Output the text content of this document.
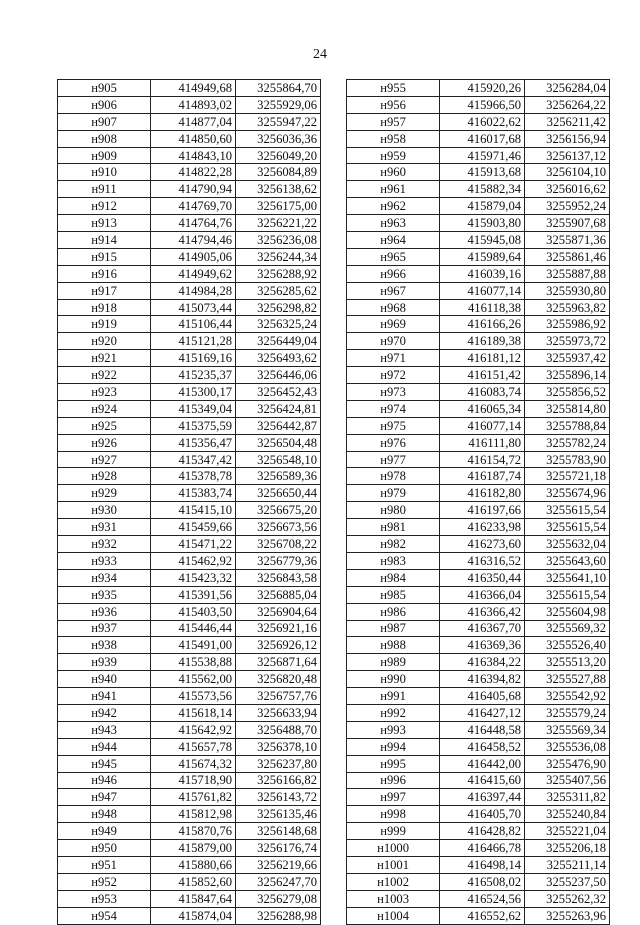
24
н905	414949,68	3255864,70
н906	414893,02	3255929,06
н907	414877,04	3255947,22
н908	414850,60	3256036,36
н909	414843,10	3256049,20
н910	414822,28	3256084,89
н911	414790,94	3256138,62
н912	414769,70	3256175,00
н913	414764,76	3256221,22
н914	414794,46	3256236,08
н915	414905,06	3256244,34
н916	414949,62	3256288,92
н917	414984,28	3256285,62
н918	415073,44	3256298,82
н919	415106,44	3256325,24
н920	415121,28	3256449,04
н921	415169,16	3256493,62
н922	415235,37	3256446,06
н923	415300,17	3256452,43
н924	415349,04	3256424,81
н925	415375,59	3256442,87
н926	415356,47	3256504,48
н927	415347,42	3256548,10
н928	415378,78	3256589,36
н929	415383,74	3256650,44
н930	415415,10	3256675,20
н931	415459,66	3256673,56
н932	415471,22	3256708,22
н933	415462,92	3256779,36
н934	415423,32	3256843,58
н935	415391,56	3256885,04
н936	415403,50	3256904,64
н937	415446,44	3256921,16
н938	415491,00	3256926,12
н939	415538,88	3256871,64
н940	415562,00	3256820,48
н941	415573,56	3256757,76
н942	415618,14	3256633,94
н943	415642,92	3256488,70
н944	415657,78	3256378,10
н945	415674,32	3256237,80
н946	415718,90	3256166,82
н947	415761,82	3256143,72
н948	415812,98	3256135,46
н949	415870,76	3256148,68
н950	415879,00	3256176,74
н951	415880,66	3256219,66
н952	415852,60	3256247,70
н953	415847,64	3256279,08
н954	415874,04	3256288,98
н955	415920,26	3256284,04
н956	415966,50	3256264,22
н957	416022,62	3256211,42
н958	416017,68	3256156,94
н959	415971,46	3256137,12
н960	415913,68	3256104,10
н961	415882,34	3256016,62
н962	415879,04	3255952,24
н963	415903,80	3255907,68
н964	415945,08	3255871,36
н965	415989,64	3255861,46
н966	416039,16	3255887,88
н967	416077,14	3255930,80
н968	416118,38	3255963,82
н969	416166,26	3255986,92
н970	416189,38	3255973,72
н971	416181,12	3255937,42
н972	416151,42	3255896,14
н973	416083,74	3255856,52
н974	416065,34	3255814,80
н975	416077,14	3255788,84
н976	416111,80	3255782,24
н977	416154,72	3255783,90
н978	416187,74	3255721,18
н979	416182,80	3255674,96
н980	416197,66	3255615,54
н981	416233,98	3255615,54
н982	416273,60	3255632,04
н983	416316,52	3255643,60
н984	416350,44	3255641,10
н985	416366,04	3255615,54
н986	416366,42	3255604,98
н987	416367,70	3255569,32
н988	416369,36	3255526,40
н989	416384,22	3255513,20
н990	416394,82	3255527,88
н991	416405,68	3255542,92
н992	416427,12	3255579,24
н993	416448,58	3255569,34
н994	416458,52	3255536,08
н995	416442,00	3255476,90
н996	416415,60	3255407,56
н997	416397,44	3255311,82
н998	416405,70	3255240,84
н999	416428,82	3255221,04
н1000	416466,78	3255206,18
н1001	416498,14	3255211,14
н1002	416508,02	3255237,50
н1003	416524,56	3255262,32
н1004	416552,62	3255263,96
